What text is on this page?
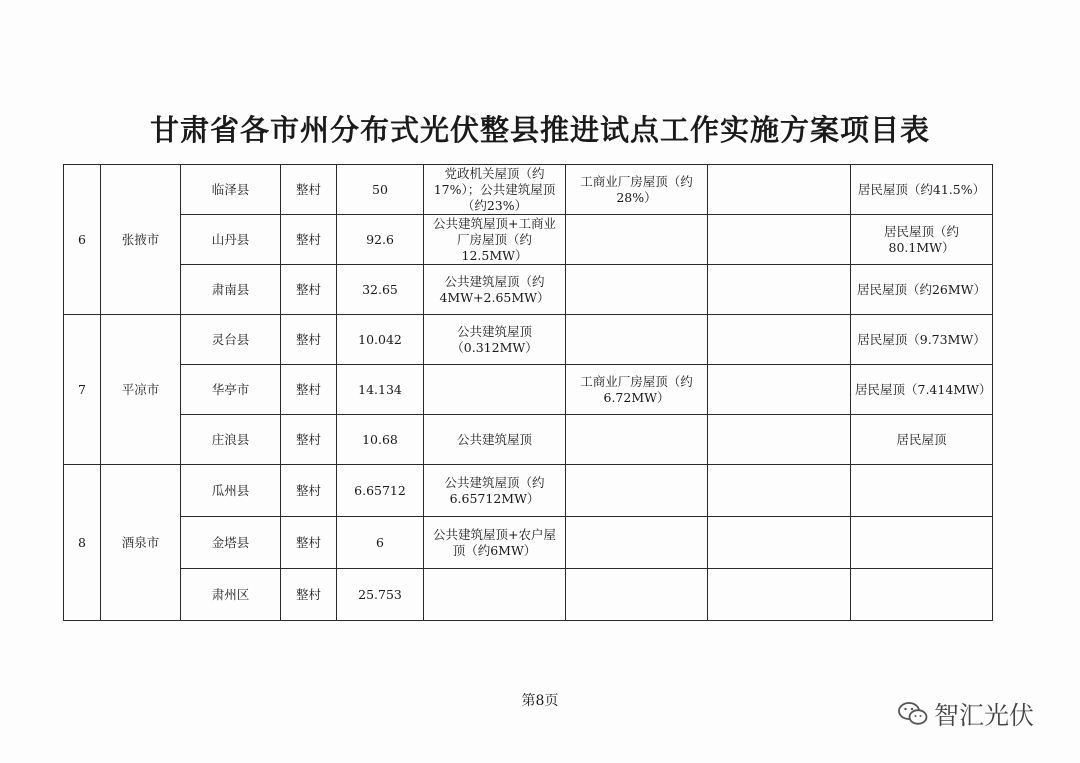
甘肃省各市州分布式光伏整县推进试点工作实施方案项目表
6	张掖市	临泽县	整村	50	党政机关屋顶（约17%）；公共建筑屋顶（约23%）	工商业厂房屋顶（约28%）		居民屋顶（约41.5%）
		山丹县	整村	92.6	公共建筑屋顶+工商业厂房屋顶（约12.5MW）			居民屋顶（约80.1MW）
		肃南县	整村	32.65	公共建筑屋顶（约4MW+2.65MW）			居民屋顶（约26MW）
7	平凉市	灵台县	整村	10.042	公共建筑屋顶（0.312MW）			居民屋顶（9.73MW）
		华亭市	整村	14.134		工商业厂房屋顶（约6.72MW）		居民屋顶（7.414MW）
		庄浪县	整村	10.68	公共建筑屋顶			居民屋顶
8	酒泉市	瓜州县	整村	6.65712	公共建筑屋顶（约6.65712MW）			
		金塔县	整村	6	公共建筑屋顶+农户屋顶（约6MW）			
		肃州区	整村	25.753				
第8页	智汇光伏
